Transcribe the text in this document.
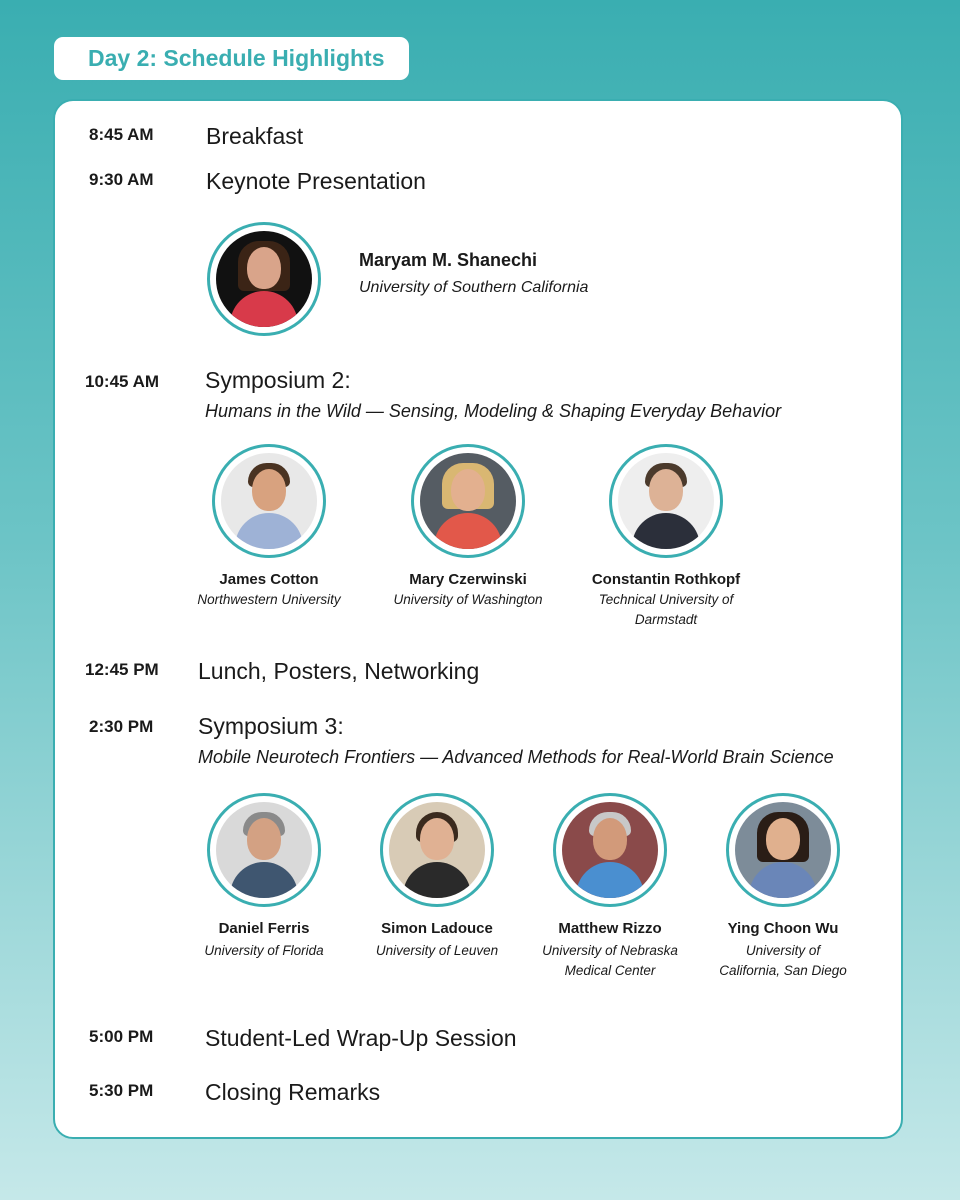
Day 2: Schedule Highlights
8:45 AM Breakfast
9:30 AM Keynote Presentation
Maryam M. Shanechi
University of Southern California
10:45 AM Symposium 2:
Humans in the Wild — Sensing, Modeling & Shaping Everyday Behavior
James Cotton
Northwestern University
Mary Czerwinski
University of Washington
Constantin Rothkopf
Technical University of Darmstadt
12:45 PM Lunch, Posters, Networking
2:30 PM Symposium 3:
Mobile Neurotech Frontiers — Advanced Methods for Real-World Brain Science
Daniel Ferris
University of Florida
Simon Ladouce
University of Leuven
Matthew Rizzo
University of Nebraska Medical Center
Ying Choon Wu
University of California, San Diego
5:00 PM Student-Led Wrap-Up Session
5:30 PM Closing Remarks
